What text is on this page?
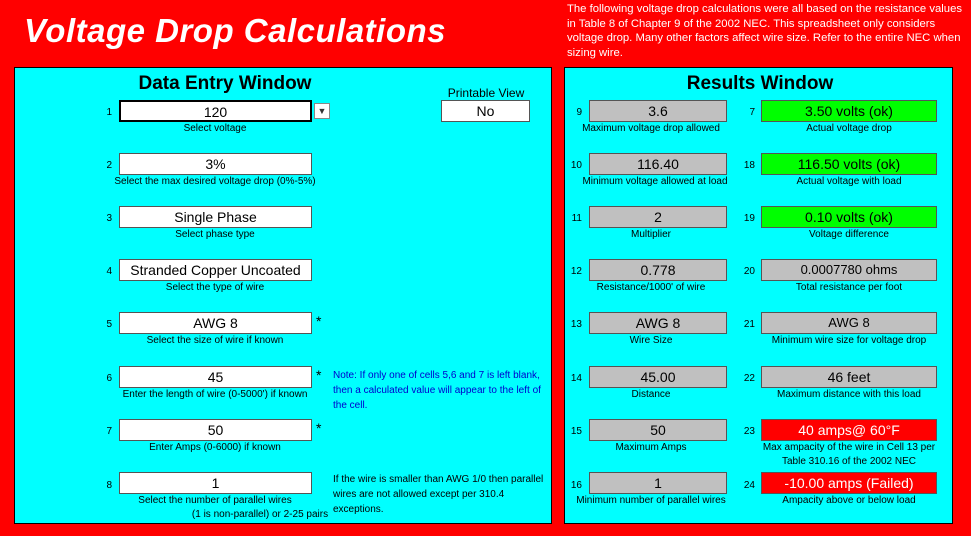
Voltage Drop Calculations
The following voltage drop calculations were all based on the resistance values in Table 8 of Chapter 9 of the 2002 NEC. This spreadsheet only considers voltage drop. Many other factors affect wire size. Refer to the entire NEC when sizing wire.
Data Entry Window	Printable View
No
1	120	▼
Select voltage
2	3%
Select the max desired voltage drop (0%-5%)
3	Single Phase
Select phase type
4	Stranded Copper Uncoated
Select the type of wire
5	AWG 8	*
Select the size of wire if known
6	45	*
Enter the length of wire (0-5000') if known
7	50	*
Enter Amps (0-6000) if known
8	1
Select the number of parallel wires
(1 is non-parallel) or 2-25 pairs
Note: If only one of cells 5,6 and 7 is left blank, then a calculated value will appear to the left of the cell.
If the wire is smaller than AWG 1/0 then parallel wires are not allowed except per 310.4 exceptions.
Results Window
9	3.6
Maximum voltage drop allowed
10	116.40
Minimum voltage allowed at load
11	2
Multiplier
12	0.778
Resistance/1000' of wire
13	AWG 8
Wire Size
14	45.00
Distance
15	50
Maximum Amps
16	1
Minimum number of parallel wires
7	3.50 volts (ok)
Actual voltage drop
18	116.50 volts (ok)
Actual voltage with load
19	0.10 volts (ok)
Voltage difference
20	0.0007780 ohms
Total resistance per foot
21	AWG 8
Minimum wire size for voltage drop
22	46 feet
Maximum distance with this load
23	40 amps@ 60°F
Max ampacity of the wire in Cell 13 per
Table 310.16 of the 2002 NEC
24	-10.00 amps (Failed)
Ampacity above or below load
